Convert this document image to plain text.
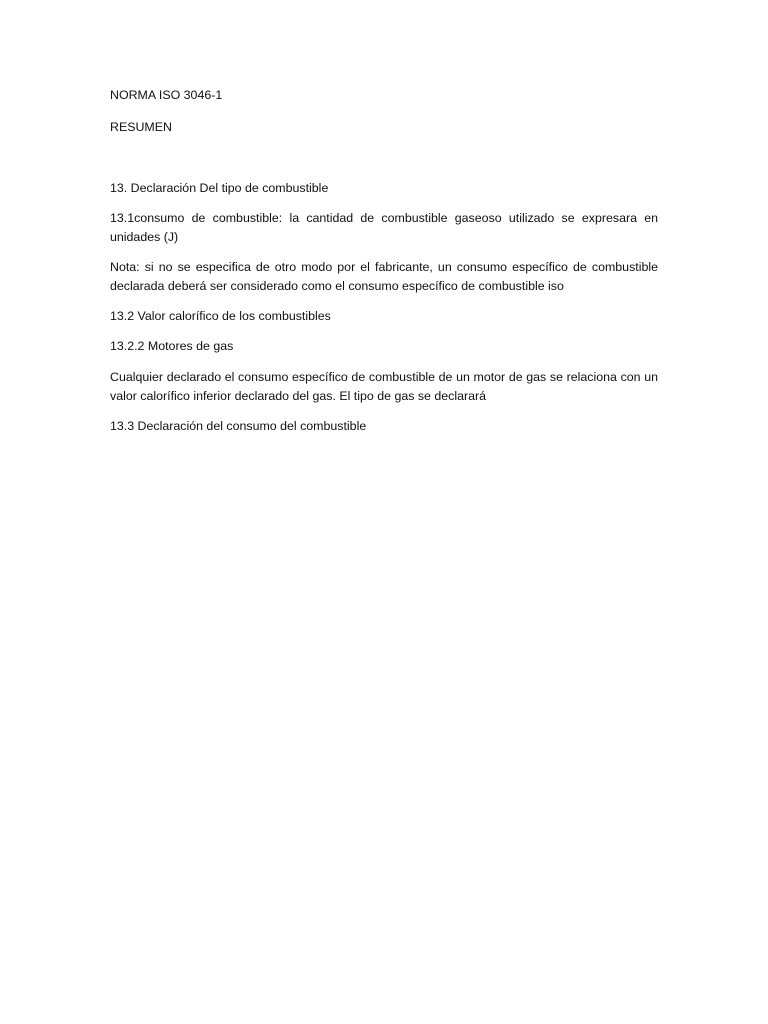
NORMA ISO 3046-1

RESUMEN

13. Declaración Del tipo de combustible

13.1consumo de combustible: la cantidad de combustible gaseoso utilizado se expresara en unidades (J)

Nota: si no se especifica de otro modo por el fabricante, un consumo específico de combustible declarada deberá ser considerado como el consumo específico de combustible iso

13.2 Valor calorífico de los combustibles

13.2.2 Motores de gas

Cualquier declarado el consumo específico de combustible de un motor de gas se relaciona con un valor calorífico inferior declarado del gas. El tipo de gas se declarará

13.3 Declaración del consumo del combustible
